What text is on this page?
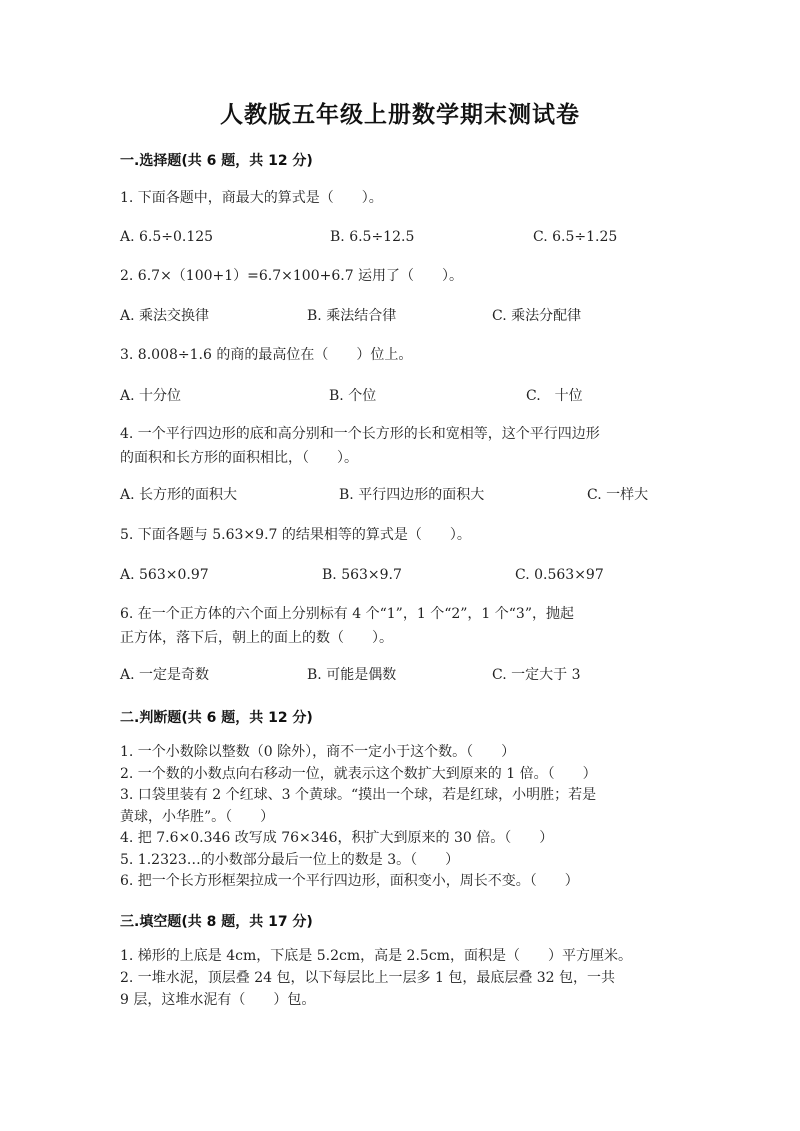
人教版五年级上册数学期末测试卷
一.选择题(共 6 题，共 12 分)
1. 下面各题中，商最大的算式是（　　）。
A. 6.5÷0.125	B. 6.5÷12.5	C. 6.5÷1.25
2. 6.7×（100+1）=6.7×100+6.7 运用了（　　）。
A. 乘法交换律	B. 乘法结合律	C. 乘法分配律
3. 8.008÷1.6 的商的最高位在（　　）位上。
A. 十分位	B. 个位	C.　十位
4. 一个平行四边形的底和高分别和一个长方形的长和宽相等，这个平行四边形
的面积和长方形的面积相比，（　　）。
A. 长方形的面积大	B. 平行四边形的面积大	C. 一样大
5. 下面各题与 5.63×9.7 的结果相等的算式是（　　）。
A. 563×0.97	B. 563×9.7	C. 0.563×97
6. 在一个正方体的六个面上分别标有 4 个“1”，1 个“2”，1 个“3”，抛起
正方体，落下后，朝上的面上的数（　　）。
A. 一定是奇数	B. 可能是偶数	C. 一定大于 3
二.判断题(共 6 题，共 12 分)
1. 一个小数除以整数（0 除外），商不一定小于这个数。（　　）
2. 一个数的小数点向右移动一位，就表示这个数扩大到原来的 1 倍。（　　）
3. 口袋里装有 2 个红球、3 个黄球。“摸出一个球，若是红球，小明胜；若是
黄球，小华胜”。（　　）
4. 把 7.6×0.346 改写成 76×346，积扩大到原来的 30 倍。（　　）
5. 1.2323…的小数部分最后一位上的数是 3。（　　）
6. 把一个长方形框架拉成一个平行四边形，面积变小，周长不变。（　　）
三.填空题(共 8 题，共 17 分)
1. 梯形的上底是 4cm，下底是 5.2cm，高是 2.5cm，面积是（　　）平方厘米。
2. 一堆水泥，顶层叠 24 包，以下每层比上一层多 1 包，最底层叠 32 包，一共
9 层，这堆水泥有（　　）包。
